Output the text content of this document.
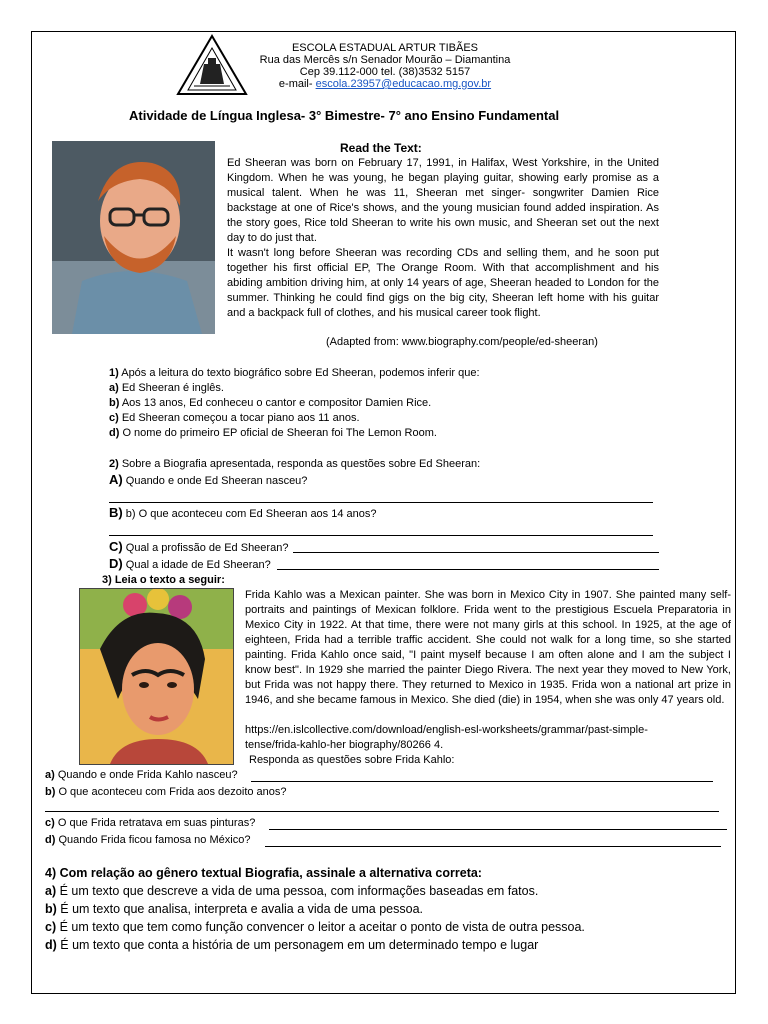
ESCOLA ESTADUAL ARTUR TIBÃES
Rua das Mercês s/n Senador Mourão – Diamantina
Cep 39.112-000 tel. (38)3532 5157
e-mail- escola.23957@educacao.mg.gov.br
Atividade de Língua Inglesa- 3° Bimestre- 7° ano Ensino Fundamental
Read the Text:
Ed Sheeran was born on February 17, 1991, in Halifax, West Yorkshire, in the United Kingdom. When he was young, he began playing guitar, showing early promise as a musical talent. When he was 11, Sheeran met singer- songwriter Damien Rice backstage at one of Rice's shows, and the young musician found added inspiration. As the story goes, Rice told Sheeran to write his own music, and Sheeran set out the next day to do just that.
It wasn't long before Sheeran was recording CDs and selling them, and he soon put together his first official EP, The Orange Room. With that accomplishment and his abiding ambition driving him, at only 14 years of age, Sheeran headed to London for the summer. Thinking he could find gigs on the big city, Sheeran left home with his guitar and a backpack full of clothes, and his musical career took flight.
(Adapted from: www.biography.com/people/ed-sheeran)
1) Após a leitura do texto biográfico sobre Ed Sheeran, podemos inferir que:
a) Ed Sheeran é inglês.
b) Aos 13 anos, Ed conheceu o cantor e compositor Damien Rice.
c) Ed Sheeran começou a tocar piano aos 11 anos.
d) O nome do primeiro EP oficial de Sheeran foi The Lemon Room.
2) Sobre a Biografia apresentada, responda as questões sobre Ed Sheeran:
A) Quando e onde Ed Sheeran nasceu?
B) b) O que aconteceu com Ed Sheeran aos 14 anos?
C) Qual a profissão de Ed Sheeran?
D) Qual a idade de Ed Sheeran?
3) Leia o texto a seguir:
Frida Kahlo was a Mexican painter. She was born in Mexico City in 1907. She painted many self-portraits and paintings of Mexican folklore. Frida went to the prestigious Escuela Preparatoria in Mexico City in 1922. At that time, there were not many girls at this school. In 1925, at the age of eighteen, Frida had a terrible traffic accident. She could not walk for a long time, so she started painting. Frida Kahlo once said, "I paint myself because I am often alone and I am the subject I know best". In 1929 she married the painter Diego Rivera. The next year they moved to New York, but Frida was not happy there. They returned to Mexico in 1935. Frida won a national art prize in 1946, and she became famous in Mexico. She died (die) in 1954, when she was only 47 years old.
https://en.islcollective.com/download/english-esl-worksheets/grammar/past-simple-
tense/frida-kahlo-her biography/80266 4.
Responda as questões sobre Frida Kahlo:
a) Quando e onde Frida Kahlo nasceu?
b) O que aconteceu com Frida aos dezoito anos?
c) O que Frida retratava em suas pinturas?
d) Quando Frida ficou famosa no México?
4) Com relação ao gênero textual Biografia, assinale a alternativa correta:
a) É um texto que descreve a vida de uma pessoa, com informações baseadas em fatos.
b) É um texto que analisa, interpreta e avalia a vida de uma pessoa.
c) É um texto que tem como função convencer o leitor a aceitar o ponto de vista de outra pessoa.
d) É um texto que conta a história de um personagem em um determinado tempo e lugar
